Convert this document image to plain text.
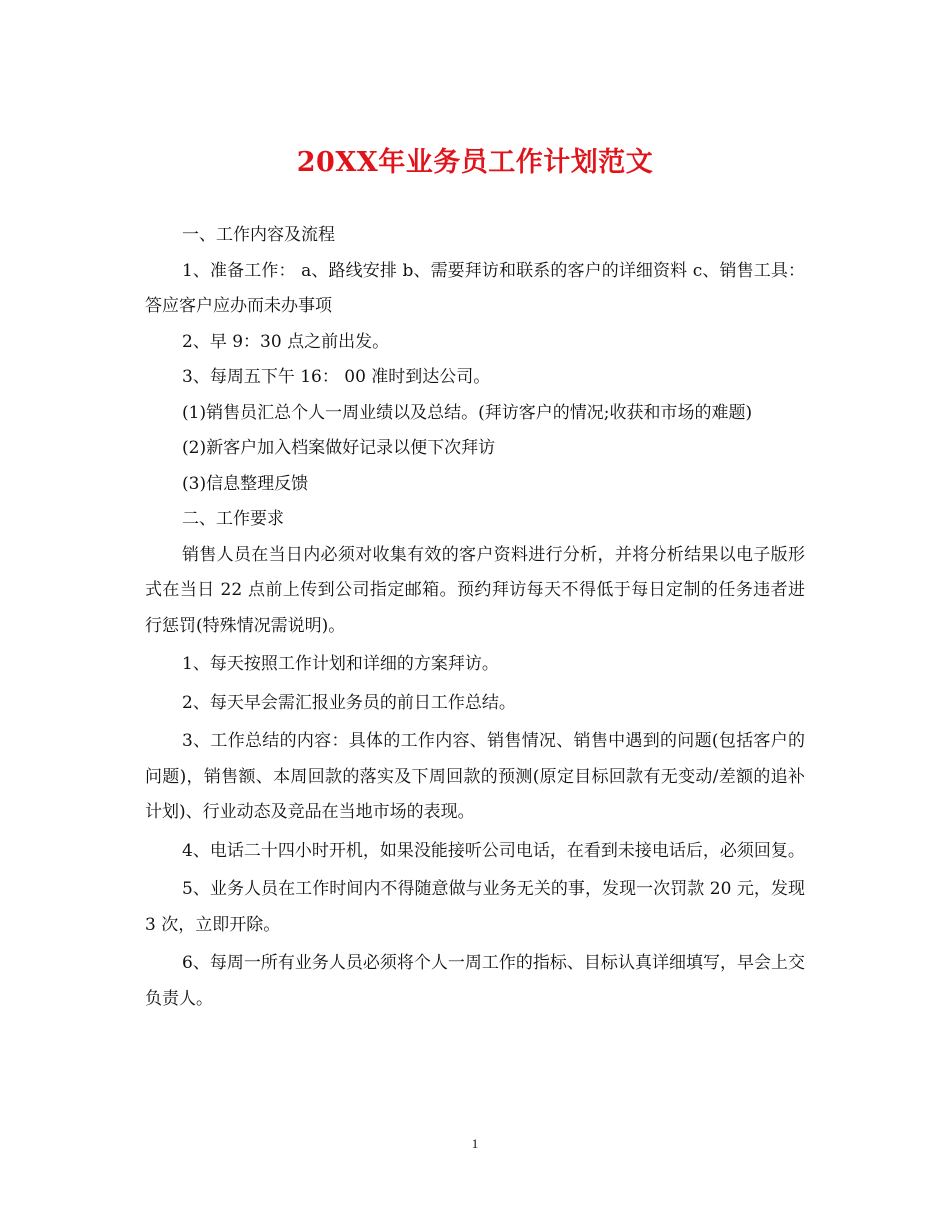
20XX年业务员工作计划范文

一、工作内容及流程

1、准备工作： a、路线安排 b、需要拜访和联系的客户的详细资料 c、销售工具：答应客户应办而未办事项

2、早 9：30 点之前出发。

3、每周五下午 16： 00 准时到达公司。

(1)销售员汇总个人一周业绩以及总结。(拜访客户的情况;收获和市场的难题)

(2)新客户加入档案做好记录以便下次拜访

(3)信息整理反馈

二、工作要求

销售人员在当日内必须对收集有效的客户资料进行分析，并将分析结果以电子版形式在当日 22 点前上传到公司指定邮箱。预约拜访每天不得低于每日定制的任务违者进行惩罚(特殊情况需说明)。

1、每天按照工作计划和详细的方案拜访。

2、每天早会需汇报业务员的前日工作总结。

3、工作总结的内容：具体的工作内容、销售情况、销售中遇到的问题(包括客户的问题)，销售额、本周回款的落实及下周回款的预测(原定目标回款有无变动/差额的追补计划)、行业动态及竞品在当地市场的表现。

4、电话二十四小时开机，如果没能接听公司电话，在看到未接电话后，必须回复。

5、业务人员在工作时间内不得随意做与业务无关的事，发现一次罚款 20 元，发现 3 次，立即开除。

6、每周一所有业务人员必须将个人一周工作的指标、目标认真详细填写，早会上交负责人。

1
